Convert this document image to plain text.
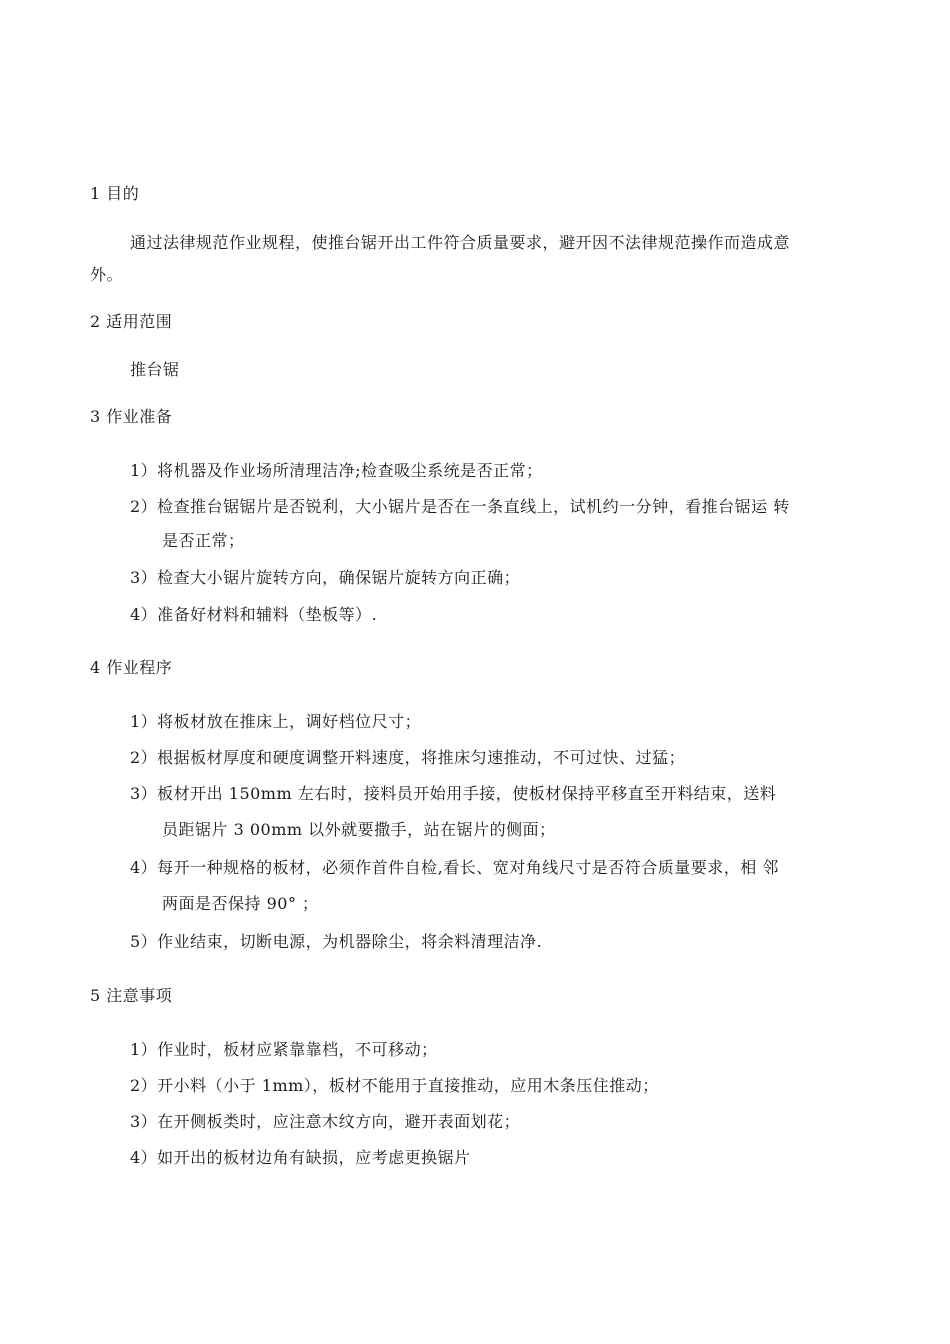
1 目的
通过法律规范作业规程，使推台锯开出工件符合质量要求，避开因不法律规范操作而造成意
外。
2 适用范围
推台锯
3 作业准备
1）将机器及作业场所清理洁净;检查吸尘系统是否正常；
2）检查推台锯锯片是否锐利，大小锯片是否在一条直线上，试机约一分钟，看推台锯运 转
是否正常；
3）检查大小锯片旋转方向，确保锯片旋转方向正确；
4）准备好材料和辅料（垫板等）.
4 作业程序
1）将板材放在推床上，调好档位尺寸；
2）根据板材厚度和硬度调整开料速度，将推床匀速推动，不可过快、过猛；
3）板材开出 150mm 左右时，接料员开始用手接，使板材保持平移直至开料结束，送料
员距锯片 3 00mm 以外就要撒手，站在锯片的侧面；
4）每开一种规格的板材，必须作首件自检,看长、宽对角线尺寸是否符合质量要求，相 邻
两面是否保持 90° ；
5）作业结束，切断电源，为机器除尘，将余料清理洁净.
5 注意事项
1）作业时，板材应紧靠靠档，不可移动；
2）开小料（小于 1mm），板材不能用于直接推动，应用木条压住推动；
3）在开侧板类时，应注意木纹方向，避开表面划花；
4）如开出的板材边角有缺损，应考虑更换锯片
